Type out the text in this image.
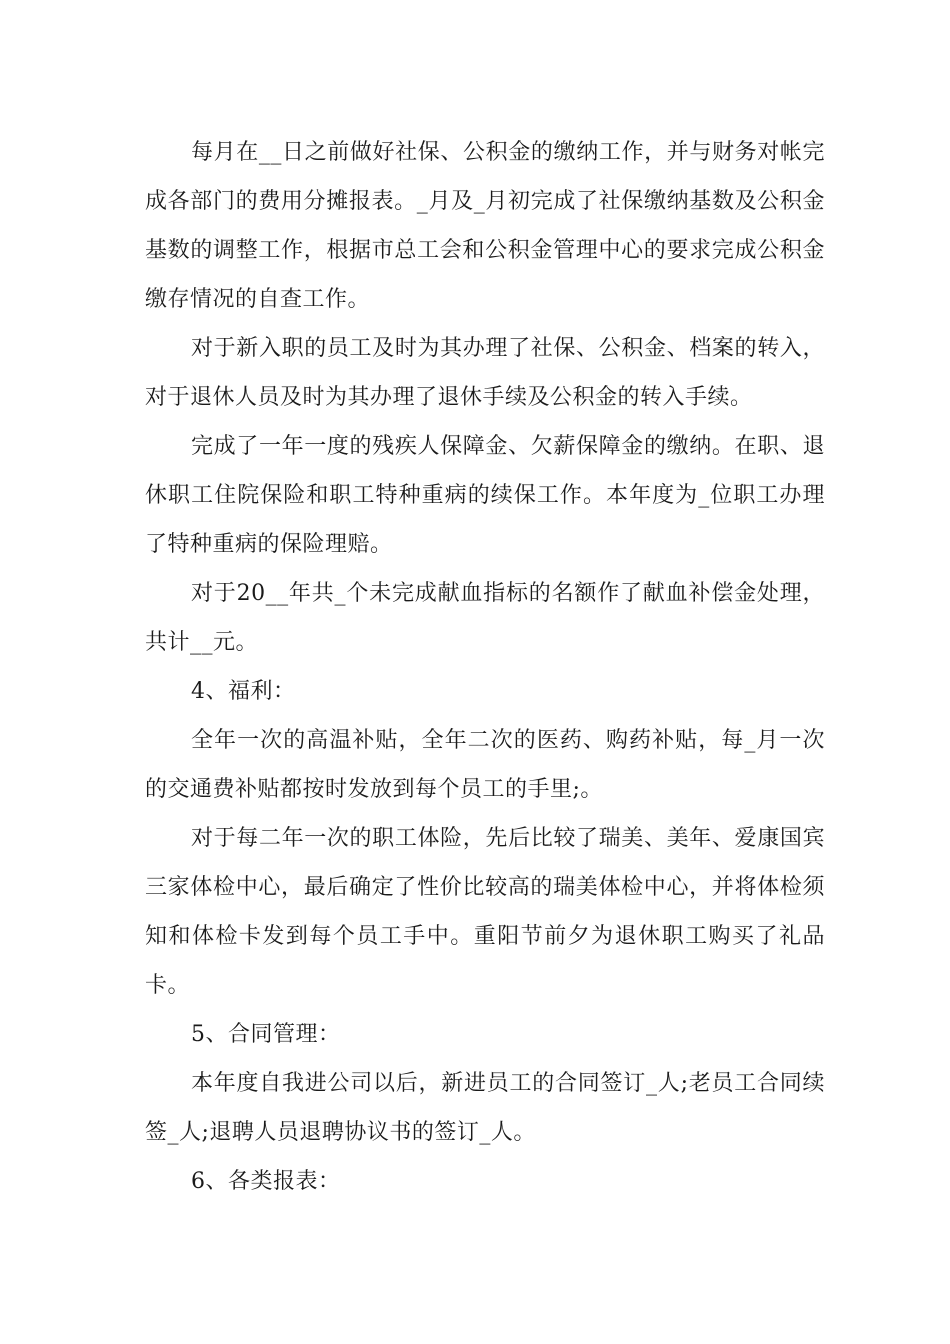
每月在__日之前做好社保、公积金的缴纳工作，并与财务对帐完成各部门的费用分摊报表。_月及_月初完成了社保缴纳基数及公积金基数的调整工作，根据市总工会和公积金管理中心的要求完成公积金缴存情况的自查工作。

对于新入职的员工及时为其办理了社保、公积金、档案的转入，对于退休人员及时为其办理了退休手续及公积金的转入手续。

完成了一年一度的残疾人保障金、欠薪保障金的缴纳。在职、退休职工住院保险和职工特种重病的续保工作。本年度为_位职工办理了特种重病的保险理赔。

对于20__年共_个未完成献血指标的名额作了献血补偿金处理，共计__元。

4、福利：

全年一次的高温补贴，全年二次的医药、购药补贴，每_月一次的交通费补贴都按时发放到每个员工的手里;。

对于每二年一次的职工体险，先后比较了瑞美、美年、爱康国宾三家体检中心，最后确定了性价比较高的瑞美体检中心，并将体检须知和体检卡发到每个员工手中。重阳节前夕为退休职工购买了礼品卡。

5、合同管理：

本年度自我进公司以后，新进员工的合同签订_人;老员工合同续签_人;退聘人员退聘协议书的签订_人。

6、各类报表：
